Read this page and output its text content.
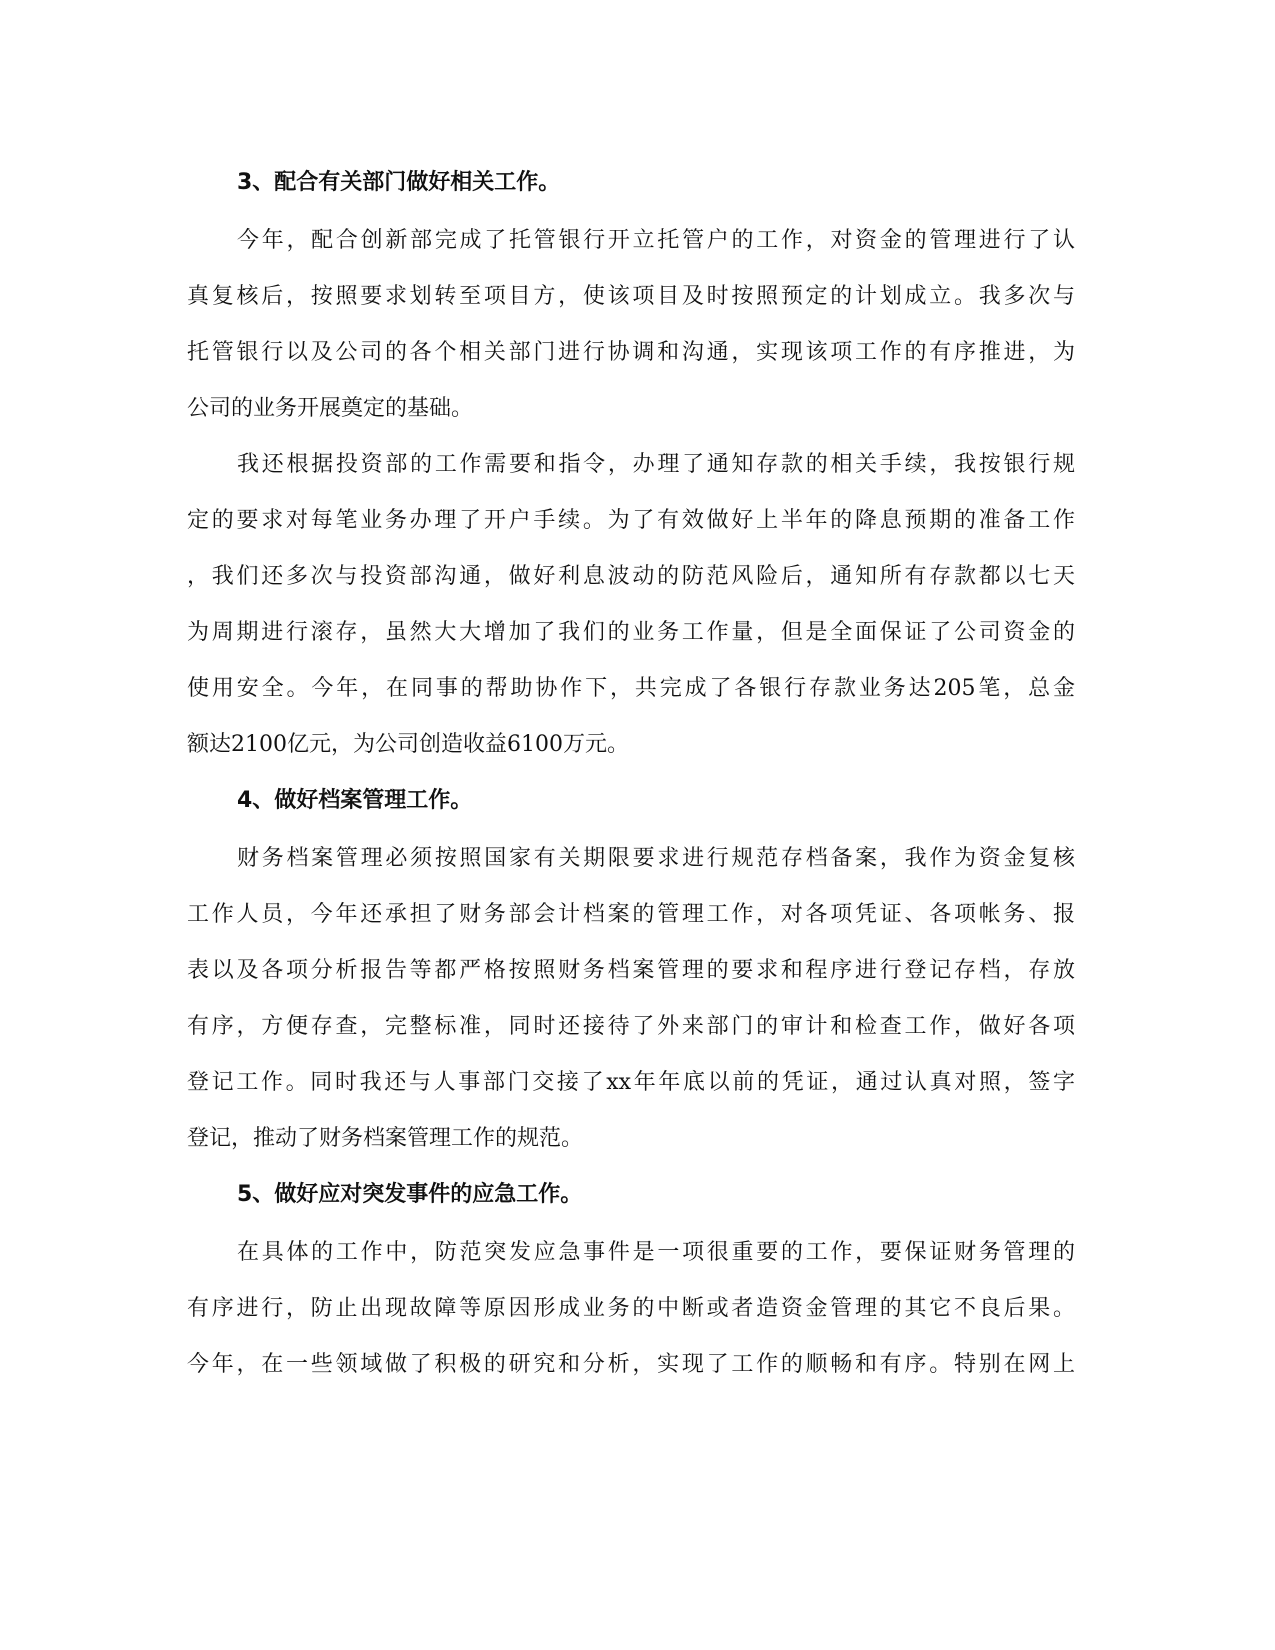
3、配合有关部门做好相关工作。

今年，配合创新部完成了托管银行开立托管户的工作，对资金的管理进行了认

真复核后，按照要求划转至项目方，使该项目及时按照预定的计划成立。我多次与

托管银行以及公司的各个相关部门进行协调和沟通，实现该项工作的有序推进，为

公司的业务开展奠定的基础。

我还根据投资部的工作需要和指令，办理了通知存款的相关手续，我按银行规

定的要求对每笔业务办理了开户手续。为了有效做好上半年的降息预期的准备工作

，我们还多次与投资部沟通，做好利息波动的防范风险后，通知所有存款都以七天

为周期进行滚存，虽然大大增加了我们的业务工作量，但是全面保证了公司资金的

使用安全。今年，在同事的帮助协作下，共完成了各银行存款业务达205笔，总金

额达2100亿元，为公司创造收益6100万元。

4、做好档案管理工作。

财务档案管理必须按照国家有关期限要求进行规范存档备案，我作为资金复核

工作人员，今年还承担了财务部会计档案的管理工作，对各项凭证、各项帐务、报

表以及各项分析报告等都严格按照财务档案管理的要求和程序进行登记存档，存放

有序，方便存查，完整标准，同时还接待了外来部门的审计和检查工作，做好各项

登记工作。同时我还与人事部门交接了xx年年底以前的凭证，通过认真对照，签字

登记，推动了财务档案管理工作的规范。

5、做好应对突发事件的应急工作。

在具体的工作中，防范突发应急事件是一项很重要的工作，要保证财务管理的

有序进行，防止出现故障等原因形成业务的中断或者造资金管理的其它不良后果。

今年，在一些领域做了积极的研究和分析，实现了工作的顺畅和有序。特别在网上
